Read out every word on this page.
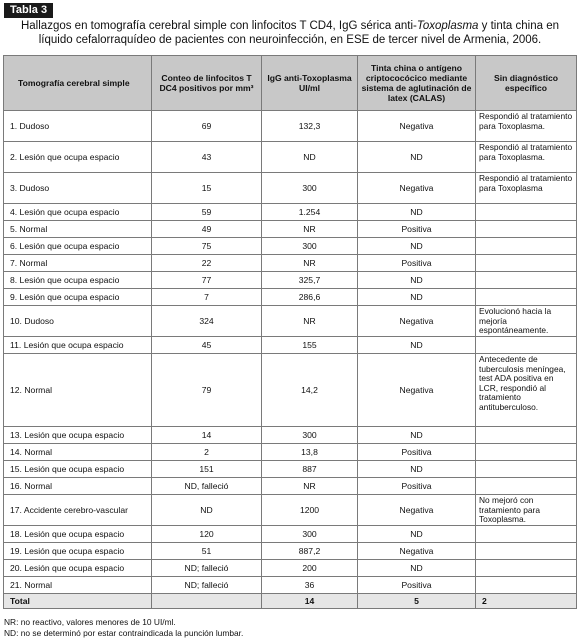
Tabla 3
Hallazgos en tomografía cerebral simple con linfocitos T CD4, IgG sérica anti-Toxoplasma y tinta china en líquido cefalorraquídeo de pacientes con neuroinfección, en ESE de tercer nivel de Armenia, 2006.
Tomografía cerebral simple	Conteo de linfocitos T DC4 positivos por mm³	IgG anti-Toxoplasma UI/ml	Tinta china o antígeno criptococócico mediante sistema de aglutinación de latex (CALAS)	Sin diagnóstico específico
1. Dudoso	69	132,3	Negativa	Respondió al tratamiento para Toxoplasma.
2. Lesión que ocupa espacio	43	ND	ND	Respondió al tratamiento para Toxoplasma.
3. Dudoso	15	300	Negativa	Respondió al tratamiento para Toxoplasma
4. Lesión que ocupa espacio	59	1.254	ND	
5. Normal	49	NR	Positiva	
6. Lesión que ocupa espacio	75	300	ND	
7. Normal	22	NR	Positiva	
8. Lesión que ocupa espacio	77	325,7	ND	
9. Lesión que ocupa espacio	7	286,6	ND	
10. Dudoso	324	NR	Negativa	Evolucionó hacia la mejoría espontáneamente.
11. Lesión que ocupa espacio	45	155	ND	
12. Normal	79	14,2	Negativa	Antecedente de tuberculosis meníngea, test ADA positiva en LCR, respondió al tratamiento antituberculoso.
13. Lesión que ocupa espacio	14	300	ND	
14. Normal	2	13,8	Positiva	
15. Lesión que ocupa espacio	151	887	ND	
16. Normal	ND, falleció	NR	Positiva	
17. Accidente cerebro-vascular	ND	1200	Negativa	No mejoró con tratamiento para Toxoplasma.
18. Lesión que ocupa espacio	120	300	ND	
19. Lesión que ocupa espacio	51	887,2	Negativa	
20. Lesión que ocupa espacio	ND; falleció	200	ND	
21. Normal	ND; falleció	36	Positiva	
Total		14	5	2
NR: no reactivo, valores menores de 10 UI/ml.
ND: no se determinó por estar contraindicada la punción lumbar.
